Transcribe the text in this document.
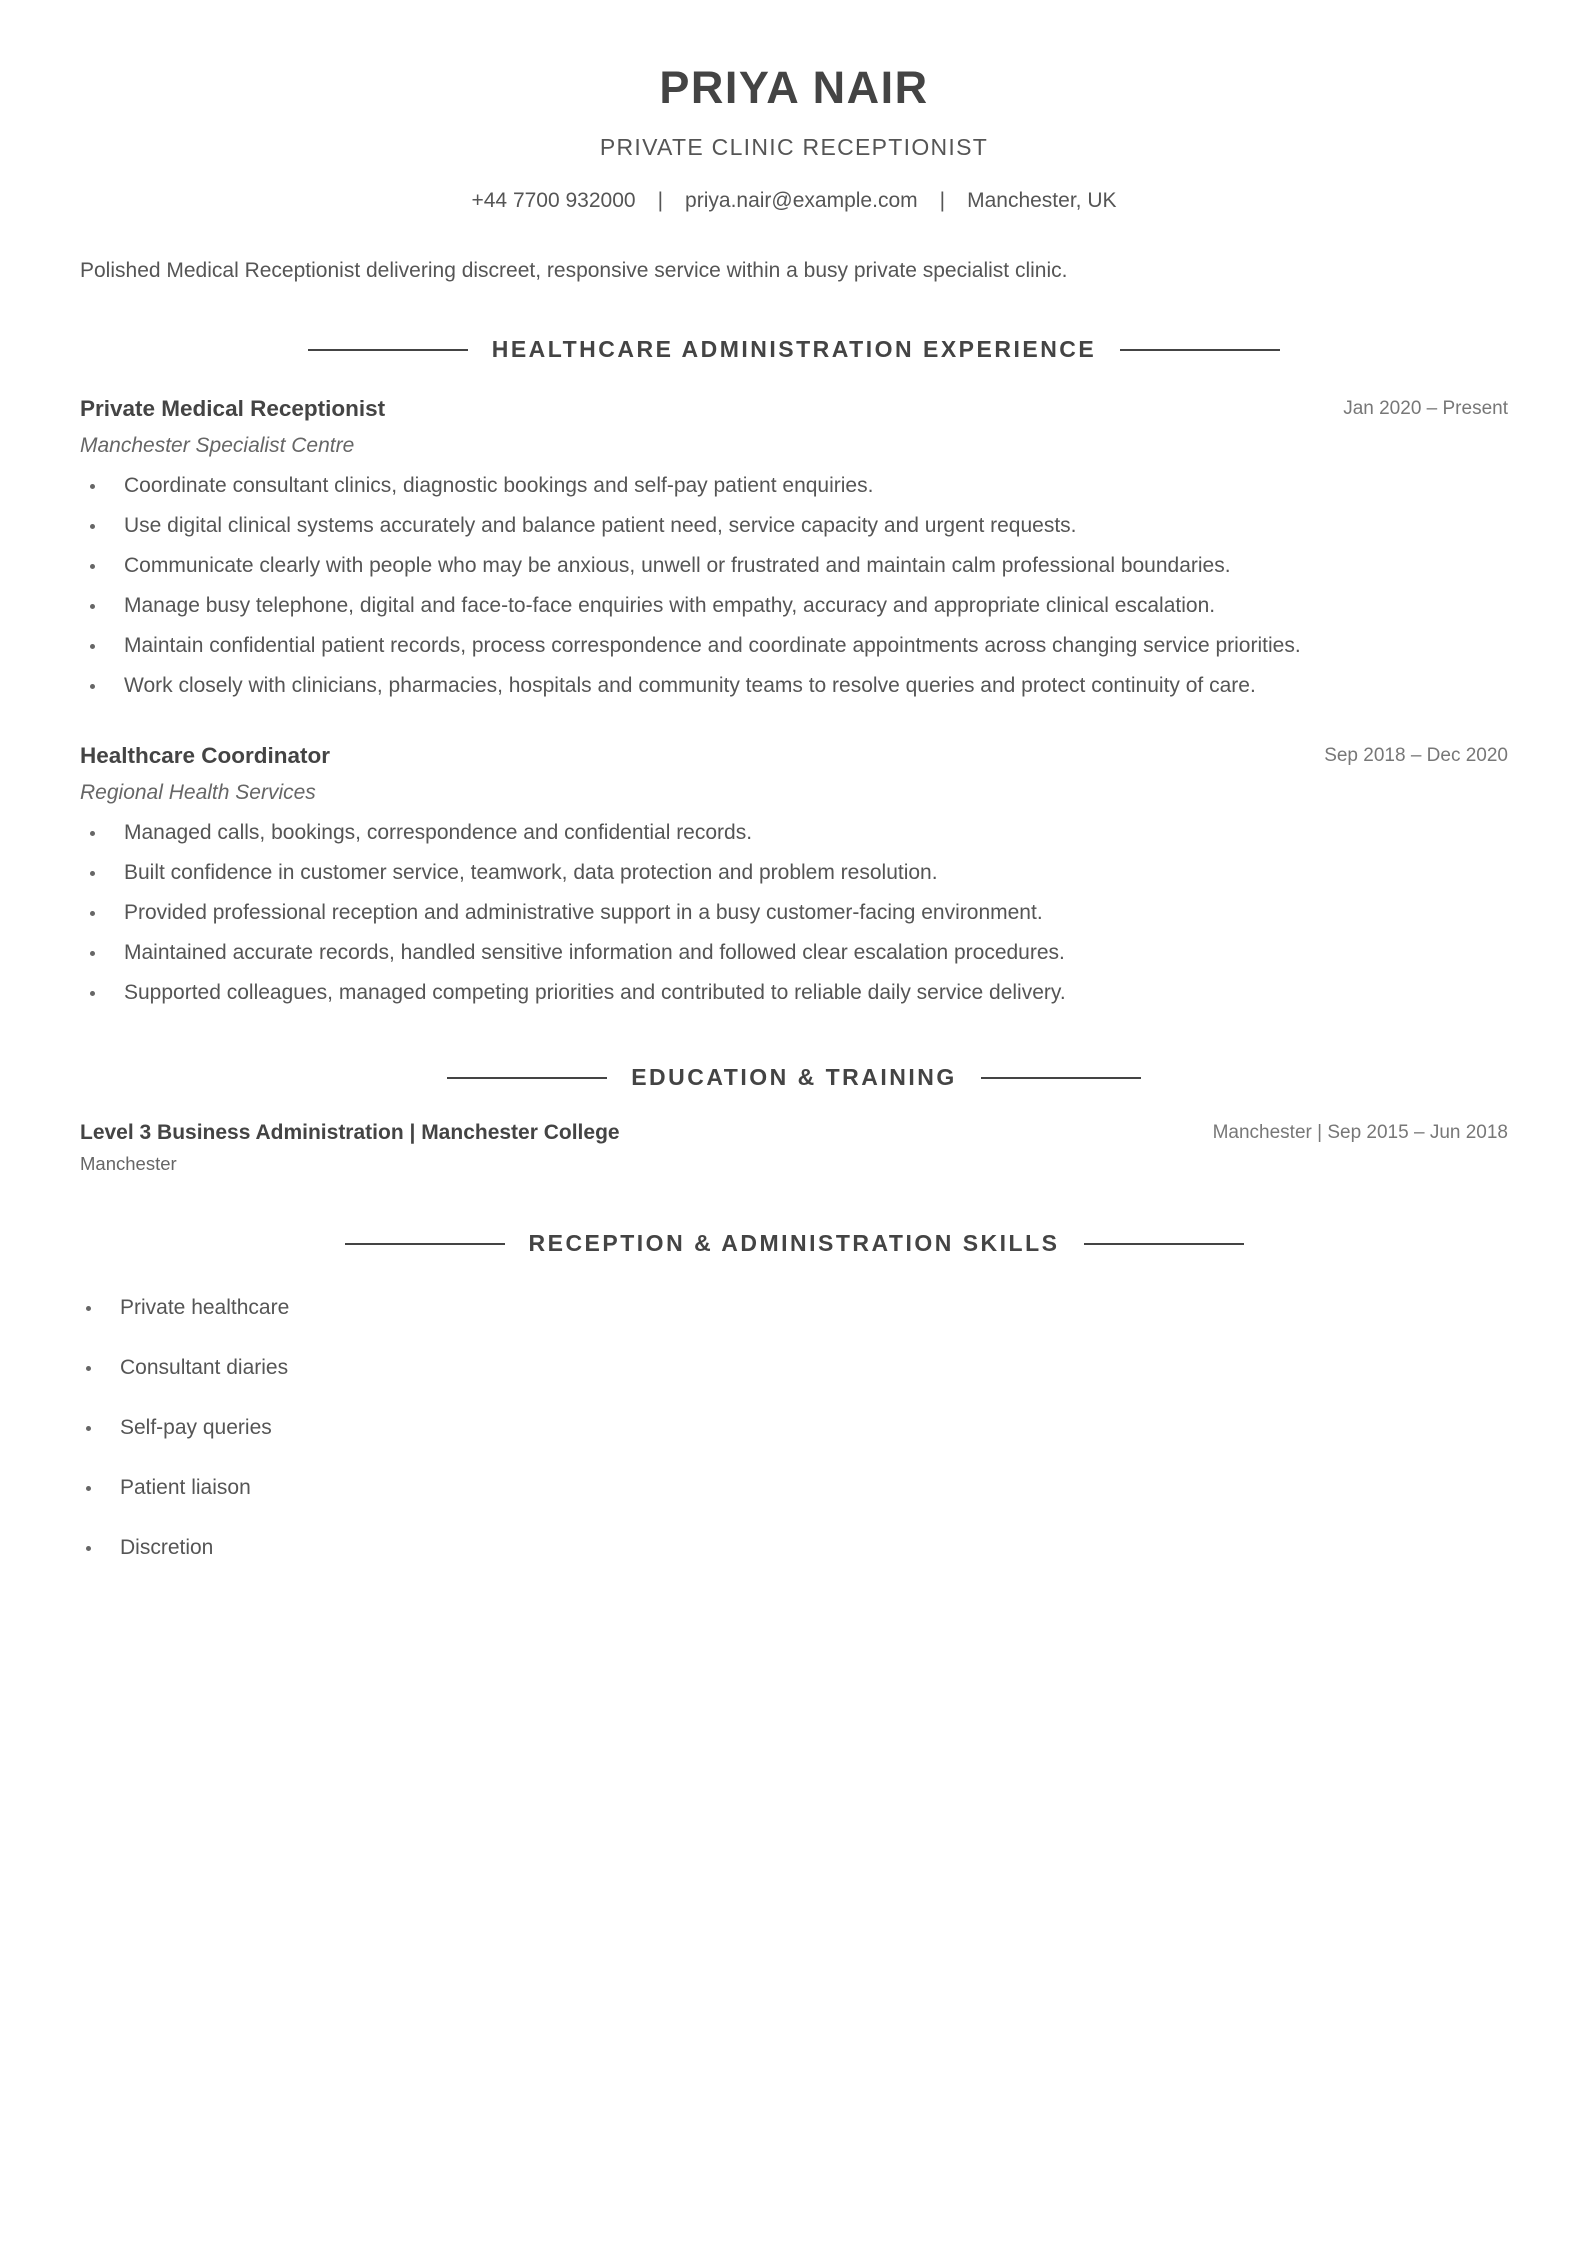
PRIYA NAIR
PRIVATE CLINIC RECEPTIONIST
+44 7700 932000 | priya.nair@example.com | Manchester, UK
Polished Medical Receptionist delivering discreet, responsive service within a busy private specialist clinic.
HEALTHCARE ADMINISTRATION EXPERIENCE
Private Medical Receptionist	Jan 2020 – Present
Manchester Specialist Centre
Coordinate consultant clinics, diagnostic bookings and self-pay patient enquiries.
Use digital clinical systems accurately and balance patient need, service capacity and urgent requests.
Communicate clearly with people who may be anxious, unwell or frustrated and maintain calm professional boundaries.
Manage busy telephone, digital and face-to-face enquiries with empathy, accuracy and appropriate clinical escalation.
Maintain confidential patient records, process correspondence and coordinate appointments across changing service priorities.
Work closely with clinicians, pharmacies, hospitals and community teams to resolve queries and protect continuity of care.
Healthcare Coordinator	Sep 2018 – Dec 2020
Regional Health Services
Managed calls, bookings, correspondence and confidential records.
Built confidence in customer service, teamwork, data protection and problem resolution.
Provided professional reception and administrative support in a busy customer-facing environment.
Maintained accurate records, handled sensitive information and followed clear escalation procedures.
Supported colleagues, managed competing priorities and contributed to reliable daily service delivery.
EDUCATION & TRAINING
Level 3 Business Administration | Manchester College	Manchester | Sep 2015 – Jun 2018
Manchester
RECEPTION & ADMINISTRATION SKILLS
Private healthcare
Consultant diaries
Self-pay queries
Patient liaison
Discretion
